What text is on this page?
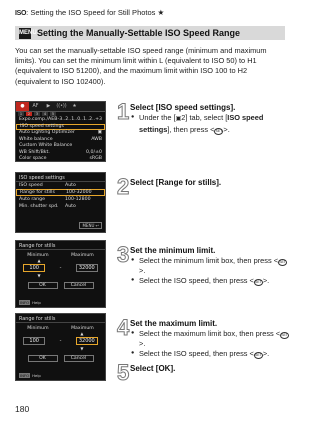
ISO: Setting the ISO Speed for Still Photos ★
MENU Setting the Manually-Settable ISO Speed Range

You can set the manually-settable ISO speed range (minimum and maximum limits). You can set the minimum limit within L (equivalent to ISO 50) to H1 (equivalent to ISO 51200), and the maximum limit within ISO 100 to H2 (equivalent to ISO 102400).

●	AF	▶	((•))	★
1	2	3	4	5
Expo.comp./AEB -3..2..1..0..1..2..+3
ISO speed settings
Auto Lighting Optimizer	▣
White balance	AWB
Custom White Balance
WB Shift/Bkt.	0,0/±0
Color space	sRGB
ISO speed settings
ISO speed	Auto
Range for stills	100-32000
Auto range	100-12800
Min. shutter spd.	Auto
MENU ↩
Range for stills
Minimum	Maximum
▲
100	-	32000
▼
OK	Cancel
INFO Help
Range for stills
Minimum	Maximum
▲
100	-	32000
▼
OK	Cancel
INFO Help
1 Select [ISO speed settings].
● Under the [▣2] tab, select [ISO speed settings], then press <SET>.
2 Select [Range for stills].
3 Set the minimum limit.
● Select the minimum limit box, then press <SET>.
● Select the ISO speed, then press <SET>.
4 Set the maximum limit.
● Select the maximum limit box, then press <SET>.
● Select the ISO speed, then press <SET>.
5 Select [OK].
180
